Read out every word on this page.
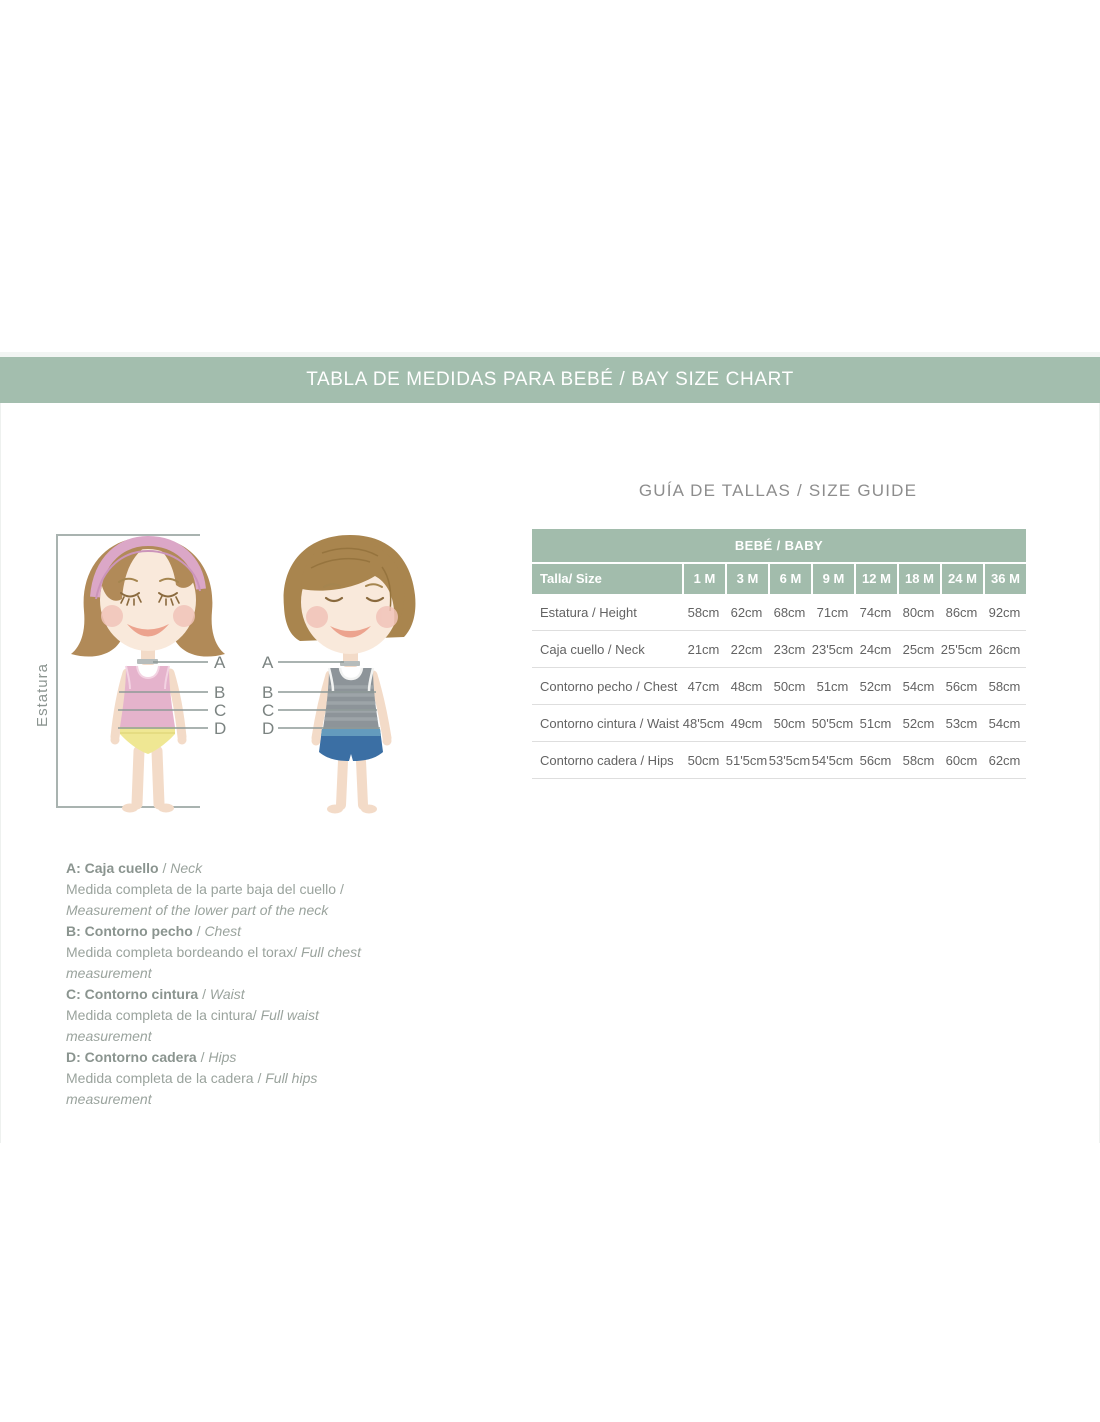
TABLA DE MEDIDAS PARA BEBÉ / BAY SIZE CHART
Estatura
A
B
C
D
A
B
C
D
GUÍA DE TALLAS / SIZE GUIDE
BEBÉ / BABY
Talla/ Size	1 M	3 M	6 M	9 M	12 M	18 M	24 M	36 M
Estatura / Height	58cm 62cm 68cm 71cm 74cm 80cm 86cm 92cm
Caja cuello / Neck	21cm 22cm 23cm 23'5cm 24cm 25cm 25'5cm 26cm
Contorno pecho / Chest 47cm 48cm 50cm 51cm 52cm 54cm 56cm 58cm
Contorno cintura / Waist 48'5cm 49cm 50cm 50'5cm 51cm 52cm 53cm 54cm
Contorno cadera / Hips	50cm 51'5cm 53'5cm 54'5cm 56cm 58cm 60cm 62cm
A: Caja cuello / Neck
Medida completa de la parte baja del cuello / Measurement of the lower part of the neck
B: Contorno pecho / Chest
Medida completa bordeando el torax/ Full chest measurement
C: Contorno cintura / Waist
Medida completa de la cintura/ Full waist measurement
D: Contorno cadera / Hips
Medida completa de la cadera / Full hips measurement
